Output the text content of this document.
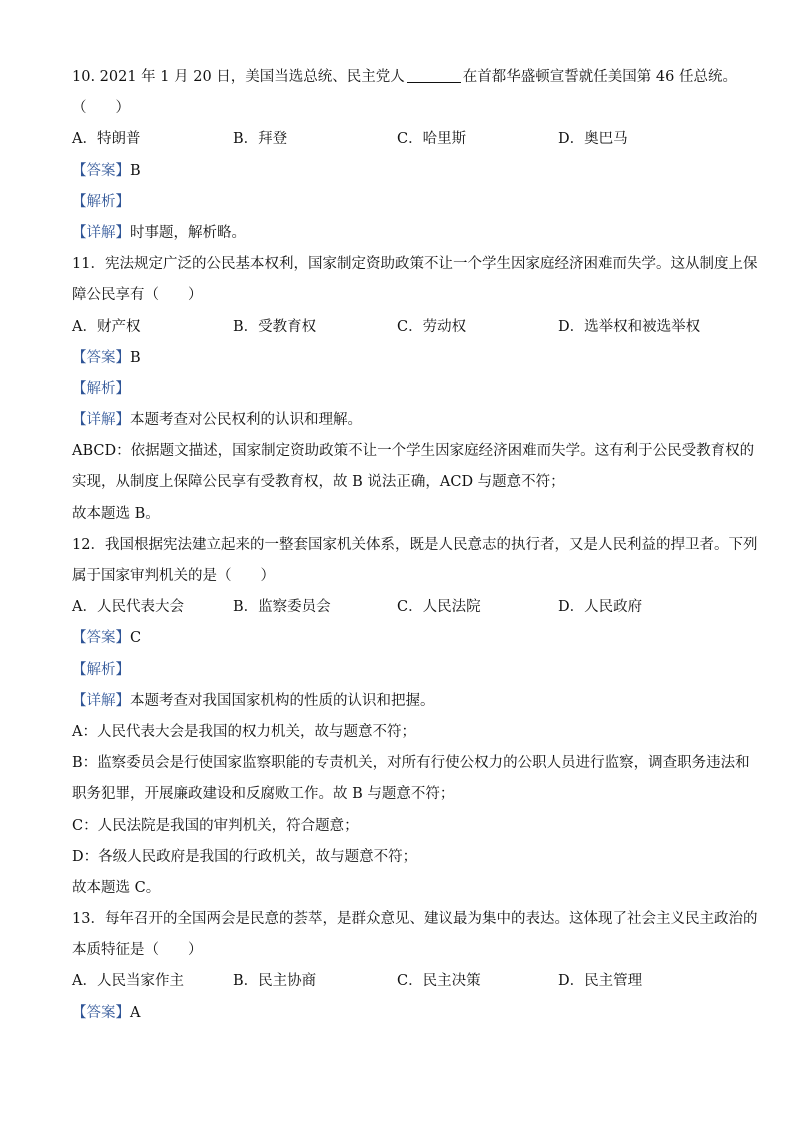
10. 2021 年 1 月 20 日，美国当选总统、民主党人	在首都华盛顿宣誓就任美国第 46 任总统。
（　　）
A．特朗普	B．拜登	C．哈里斯	D．奥巴马
【答案】B
【解析】
【详解】时事题，解析略。
11．宪法规定广泛的公民基本权利，国家制定资助政策不让一个学生因家庭经济困难而失学。这从制度上保
障公民享有（　　）
A．财产权	B．受教育权	C．劳动权	D．选举权和被选举权
【答案】B
【解析】
【详解】本题考查对公民权利的认识和理解。
ABCD：依据题文描述，国家制定资助政策不让一个学生因家庭经济困难而失学。这有利于公民受教育权的
实现，从制度上保障公民享有受教育权，故 B 说法正确，ACD 与题意不符；
故本题选 B。
12．我国根据宪法建立起来的一整套国家机关体系，既是人民意志的执行者，又是人民利益的捍卫者。下列
属于国家审判机关的是（　　）
A．人民代表大会	B．监察委员会	C．人民法院	D．人民政府
【答案】C
【解析】
【详解】本题考查对我国国家机构的性质的认识和把握。
A：人民代表大会是我国的权力机关，故与题意不符；
B：监察委员会是行使国家监察职能的专责机关，对所有行使公权力的公职人员进行监察，调查职务违法和
职务犯罪，开展廉政建设和反腐败工作。故 B 与题意不符；
C：人民法院是我国的审判机关，符合题意；
D：各级人民政府是我国的行政机关，故与题意不符；
故本题选 C。
13．每年召开的全国两会是民意的荟萃，是群众意见、建议最为集中的表达。这体现了社会主义民主政治的
本质特征是（　　）
A．人民当家作主	B．民主协商	C．民主决策	D．民主管理
【答案】A
